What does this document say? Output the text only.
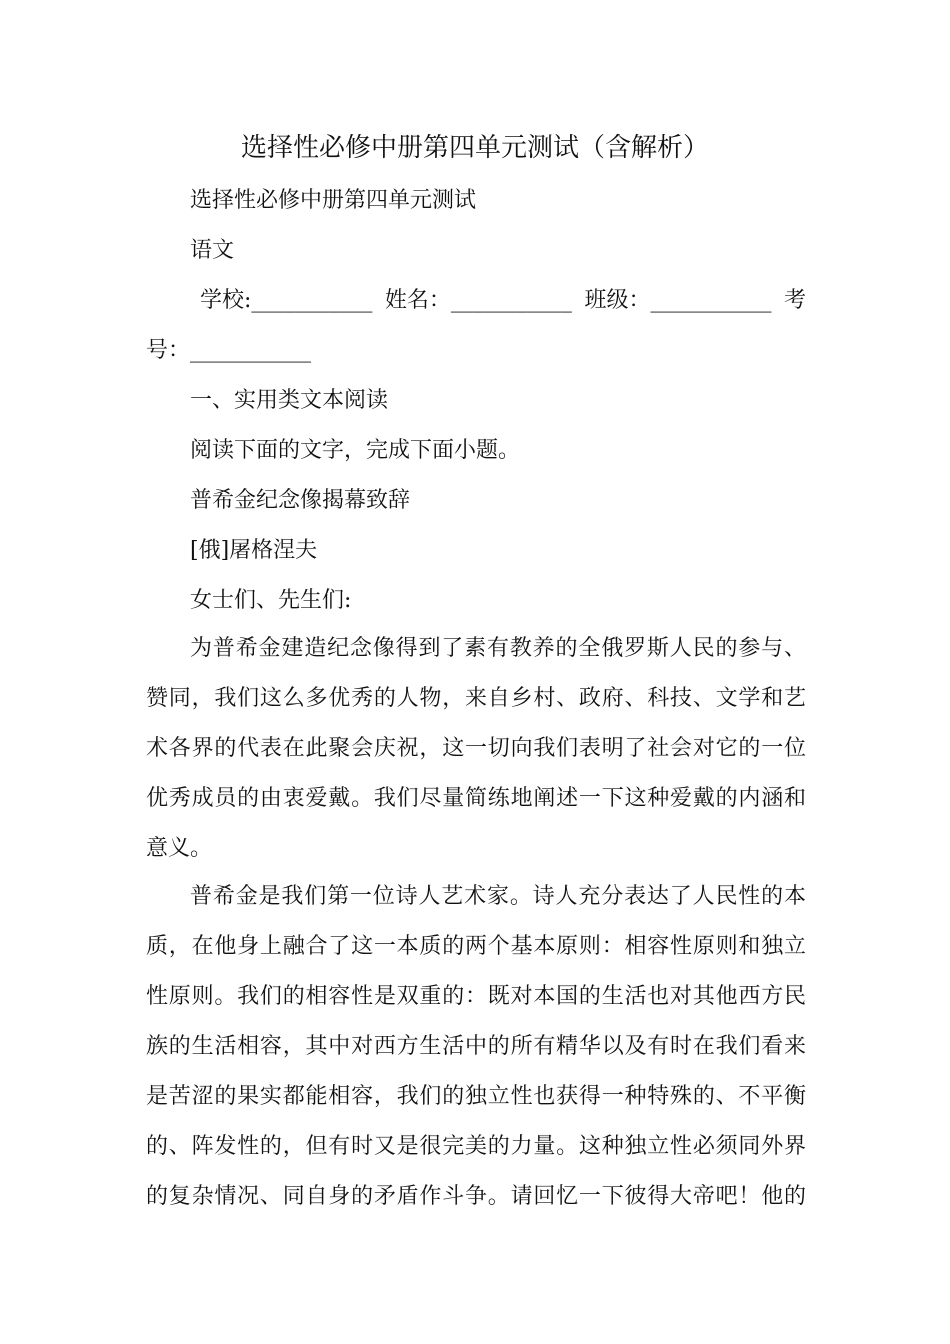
选择性必修中册第四单元测试（含解析）
选择性必修中册第四单元测试
语文
学校:___________ 姓名：___________ 班级：___________ 考
号：___________
一、实用类文本阅读
阅读下面的文字，完成下面小题。
普希金纪念像揭幕致辞
[俄]屠格涅夫
女士们、先生们:
为普希金建造纪念像得到了素有教养的全俄罗斯人民的参与、
赞同，我们这么多优秀的人物，来自乡村、政府、科技、文学和艺
术各界的代表在此聚会庆祝，这一切向我们表明了社会对它的一位
优秀成员的由衷爱戴。我们尽量简练地阐述一下这种爱戴的内涵和
意义。
普希金是我们第一位诗人艺术家。诗人充分表达了人民性的本
质，在他身上融合了这一本质的两个基本原则：相容性原则和独立
性原则。我们的相容性是双重的：既对本国的生活也对其他西方民
族的生活相容，其中对西方生活中的所有精华以及有时在我们看来
是苦涩的果实都能相容，我们的独立性也获得一种特殊的、不平衡
的、阵发性的，但有时又是很完美的力量。这种独立性必须同外界
的复杂情况、同自身的矛盾作斗争。请回忆一下彼得大帝吧！他的
